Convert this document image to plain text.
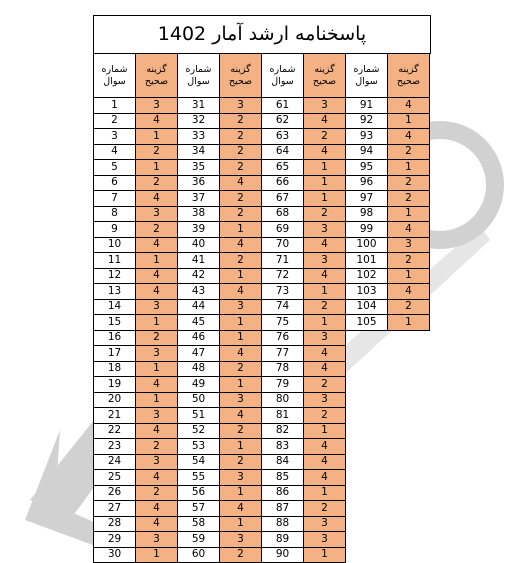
پاسخنامه ارشد آمار 1402
شماره سوال	گزینه صحیح	شماره سوال	گزینه صحیح	شماره سوال	گزینه صحیح	شماره سوال	گزینه صحیح
1	3	31	3	61	3	91	4
2	4	32	2	62	4	92	1
3	1	33	2	63	2	93	4
4	2	34	2	64	4	94	2
5	1	35	2	65	1	95	1
6	2	36	4	66	1	96	2
7	4	37	2	67	1	97	2
8	3	38	2	68	2	98	1
9	2	39	1	69	3	99	4
10	4	40	4	70	4	100	3
11	1	41	2	71	3	101	2
12	4	42	1	72	4	102	1
13	4	43	4	73	1	103	4
14	3	44	3	74	2	104	2
15	1	45	1	75	1	105	1
16	2	46	1	76	3		
17	3	47	4	77	4		
18	1	48	2	78	4		
19	4	49	1	79	2		
20	1	50	3	80	3		
21	3	51	4	81	2		
22	4	52	2	82	1		
23	2	53	1	83	4		
24	3	54	2	84	4		
25	4	55	3	85	4		
26	2	56	1	86	1		
27	4	57	4	87	2		
28	4	58	1	88	3		
29	3	59	3	89	3		
30	1	60	2	90	1		
